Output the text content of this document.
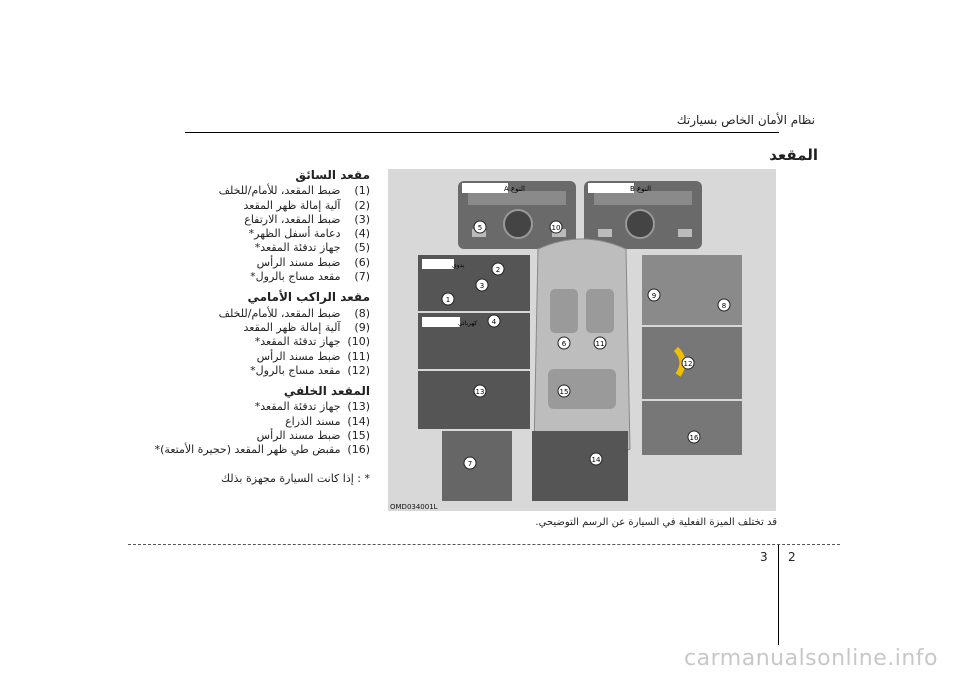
نظام الأمان الخاص بسيارتك
المقعد
مقعد السائق
(1) ضبط المقعد، للأمام/للخلف
(2) آلية إمالة ظهر المقعد
(3) ضبط المقعد، الارتفاع
(4) دعامة أسفل الظهر*
(5) جهاز تدفئة المقعد*
(6) ضبط مسند الرأس
(7) مقعد مساج بالرول*
مقعد الراكب الأمامي
(8) ضبط المقعد، للأمام/للخلف
(9) آلية إمالة ظهر المقعد
(10) جهاز تدفئة المقعد*
(11) ضبط مسند الرأس
(12) مقعد مساج بالرول*
المقعد الخلفي
(13) جهاز تدفئة المقعد*
(14) مسند الذراع
(15) ضبط مسند الرأس
(16) مقبض طي ظهر المقعد (حجيرة الأمتعة)*
* : إذا كانت السيارة مجهزة بذلك
النوع A	النوع B
يدوي
كهربائي
1
2
3
4
5
6
7
8
9
10
11
12
13
14
15
16
OMD034001L
قد تختلف الميزة الفعلية في السيارة عن الرسم التوضيحي.
3 2
carmanualsonline.info
